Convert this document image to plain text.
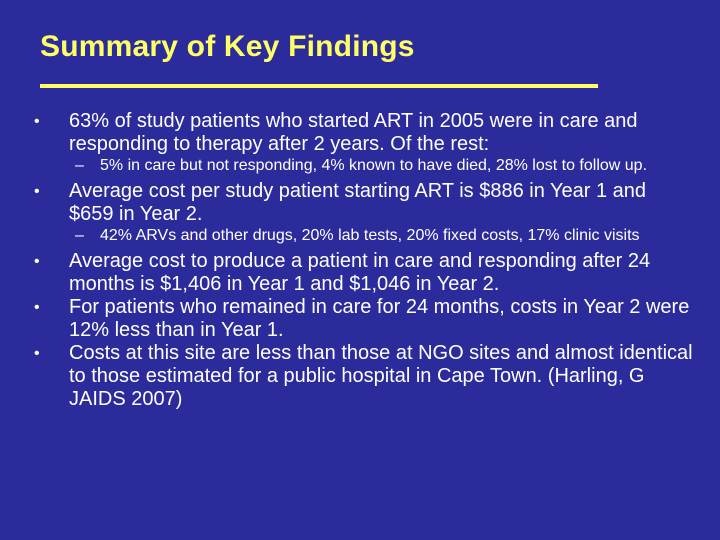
Summary of Key Findings

•	63% of study patients who started ART in 2005 were in care and responding to therapy after 2 years. Of the rest:

– 5% in care but not responding, 4% known to have died, 28% lost to follow up.

•	Average cost per study patient starting ART is $886 in Year 1 and $659 in Year 2.

– 42% ARVs and other drugs, 20% lab tests, 20% fixed costs, 17% clinic visits

•	Average cost to produce a patient in care and responding after 24 months is $1,406 in Year 1 and $1,046 in Year 2.

•	For patients who remained in care for 24 months, costs in Year 2 were 12% less than in Year 1.

•	Costs at this site are less than those at NGO sites and almost identical to those estimated for a public hospital in Cape Town. (Harling, G JAIDS 2007)
